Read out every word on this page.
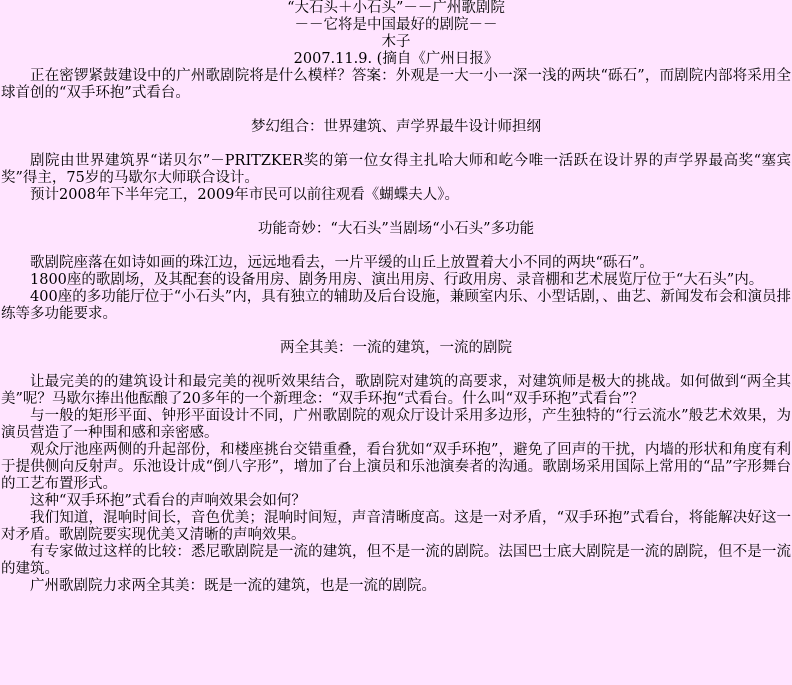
“大石头＋小石头”－－广州歌剧院
－－它将是中国最好的剧院－－
木子
2007.11.9. (摘自《广州日报》
正在密锣紧鼓建设中的广州歌剧院将是什么模样？答案：外观是一大一小一深一浅的两块“砾石”，而剧院内部将采用全球首创的“双手环抱”式看台。
梦幻组合：世界建筑、声学界最牛设计师担纲
剧院由世界建筑界“诺贝尔”－PRITZKER奖的第一位女得主扎哈大师和屹今唯一活跃在设计界的声学界最高奖“塞宾奖”得主，75岁的马歇尔大师联合设计。
预计2008年下半年完工，2009年市民可以前往观看《蝴蝶夫人》。
功能奇妙：“大石头”当剧场“小石头”多功能
歌剧院座落在如诗如画的珠江边，远远地看去，一片平缓的山丘上放置着大小不同的两块“砾石”。
1800座的歌剧场，及其配套的设备用房、剧务用房、演出用房、行政用房、录音棚和艺术展览厅位于“大石头”内。
400座的多功能厅位于“小石头”内，具有独立的辅助及后台设施，兼顾室内乐、小型话剧，、曲艺、新闻发布会和演员排练等多功能要求。
两全其美：一流的建筑，一流的剧院
让最完美的的建筑设计和最完美的视听效果结合，歌剧院对建筑的高要求，对建筑师是极大的挑战。如何做到“两全其美”呢？马歇尔捧出他酝酿了20多年的一个新理念：“双手环抱“式看台。什么叫“双手环抱”式看台”？
与一般的矩形平面、钟形平面设计不同，广州歌剧院的观众厅设计采用多边形，产生独特的“行云流水”般艺术效果，为演员营造了一种围和感和亲密感。
观众厅池座两侧的升起部份，和楼座挑台交错重叠，看台犹如“双手环抱”，避免了回声的干扰，内墙的形状和角度有利于提供侧向反射声。乐池设计成“倒八字形”，增加了台上演员和乐池演奏者的沟通。歌剧场采用国际上常用的“品”字形舞台的工艺布置形式。
这种“双手环抱”式看台的声响效果会如何？
我们知道，混响时间长，音色优美；混响时间短，声音清晰度高。这是一对矛盾，“双手环抱”式看台，将能解决好这一对矛盾。歌剧院要实现优美又清晰的声响效果。
有专家做过这样的比较：悉尼歌剧院是一流的建筑，但不是一流的剧院。法国巴士底大剧院是一流的剧院，但不是一流的建筑。
广州歌剧院力求两全其美：既是一流的建筑，也是一流的剧院。
